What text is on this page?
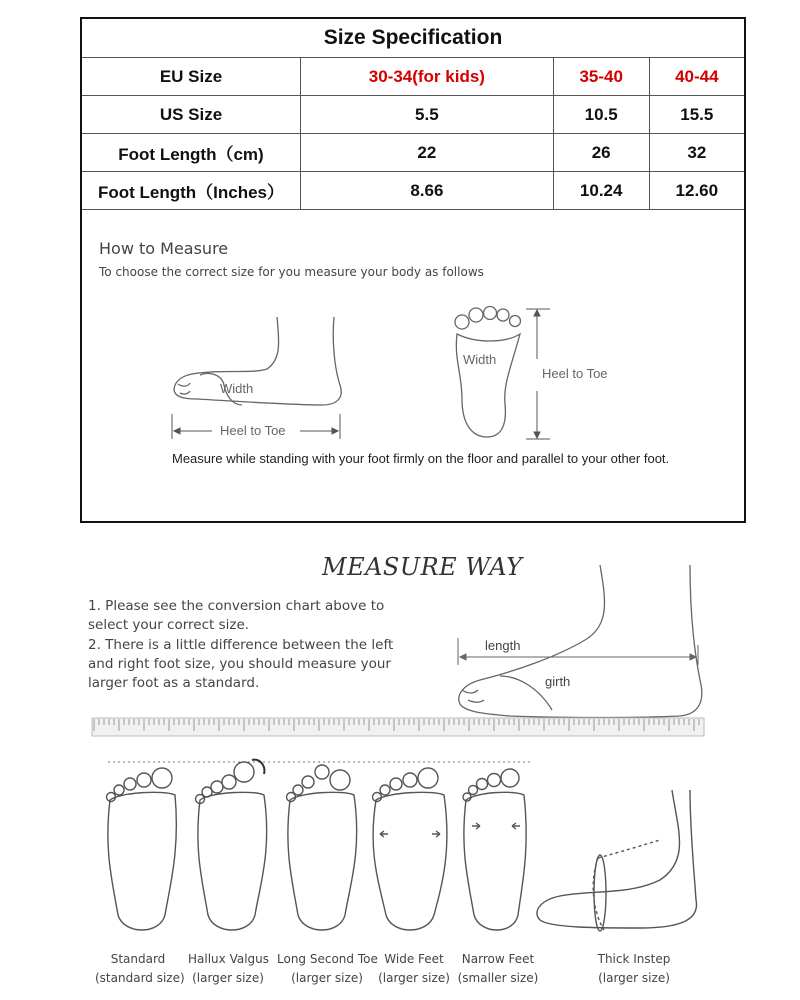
Size Specification			
EU Size	30-34(for kids)	35-40	40-44
US Size	5.5	10.5	15.5
Foot Length（cm)	22	26	32
Foot Length（Inches）	8.66	10.24	12.60
How to Measure
To choose the correct size for you measure your body as follows
Width
Heel to Toe
Width
Heel to Toe
Measure while standing with your foot firmly on the floor and parallel to your other foot.
MEASURE WAY
1. Please see the conversion chart above to select your correct size.
2. There is a little difference between the left and right foot size, you should measure your larger foot as a standard.
length
girth
Standard
(standard size)
Hallux Valgus
(larger size)
Long Second Toe
(larger size)
Wide Feet
(larger size)
Narrow Feet
(smaller size)
Thick Instep
(larger size)
